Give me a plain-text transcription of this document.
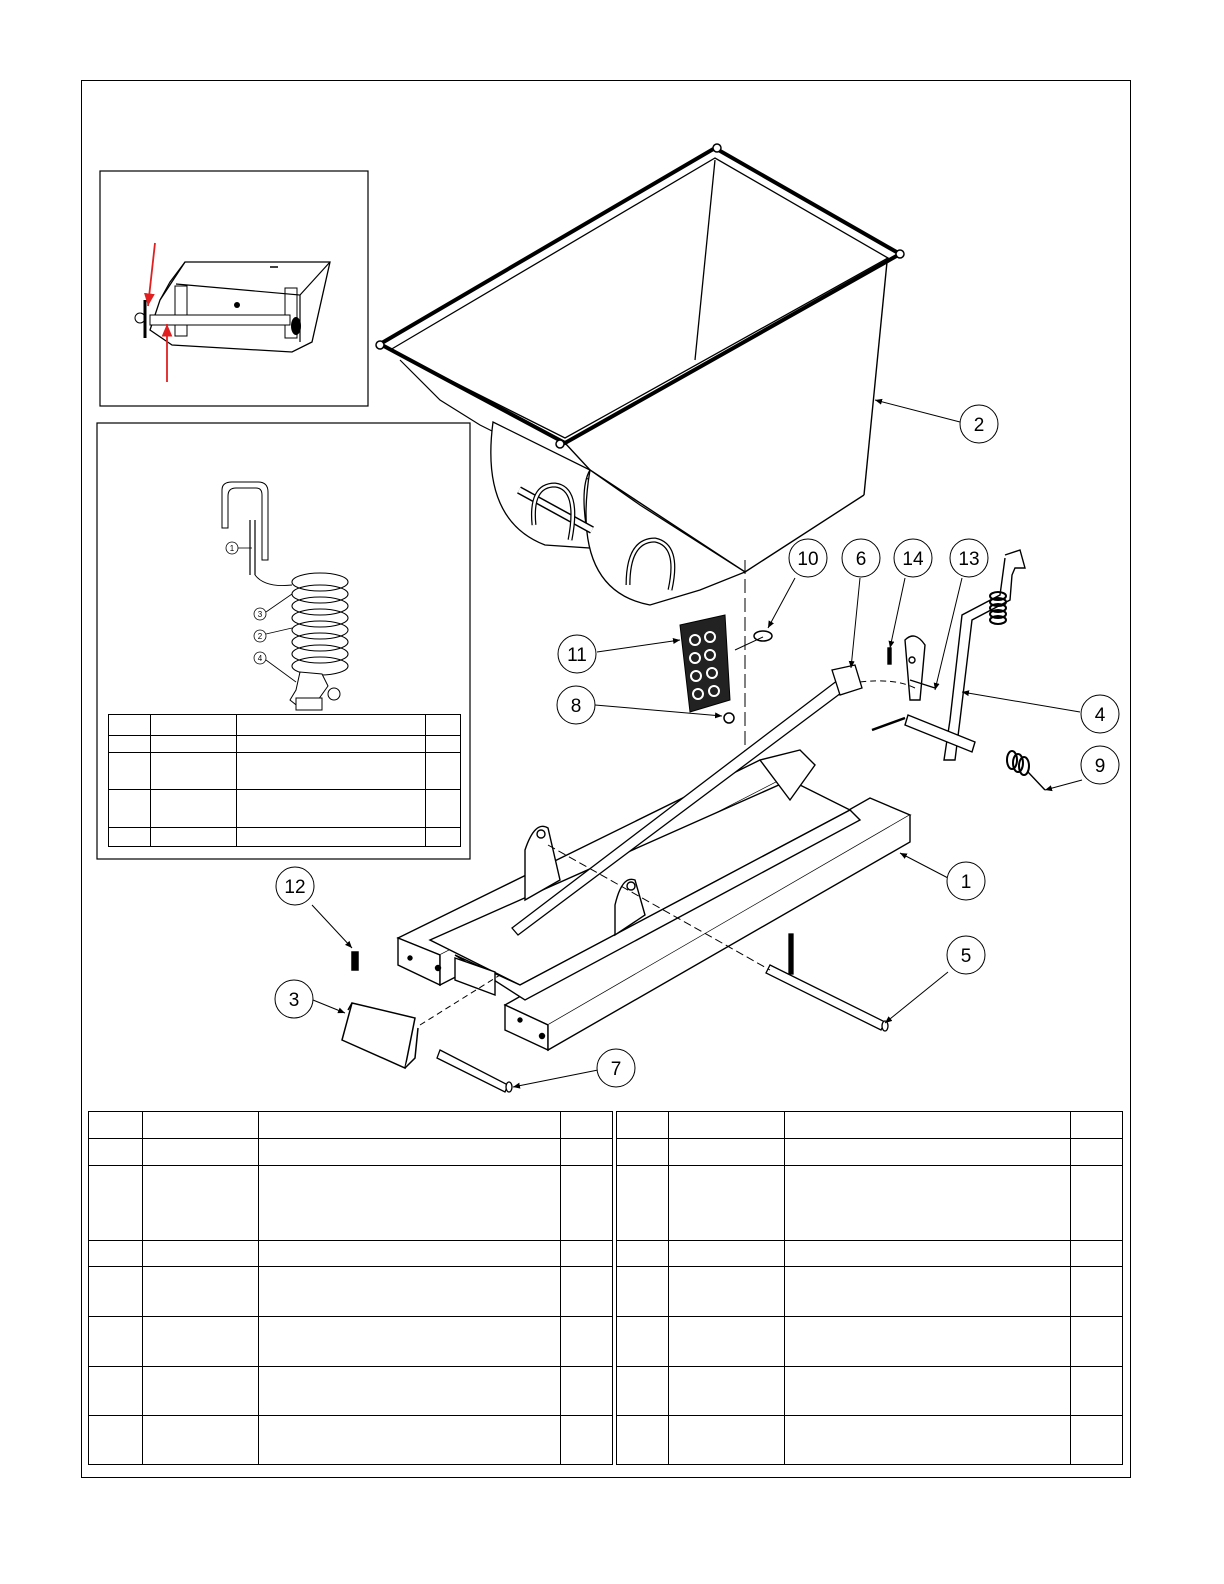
1
3
2
4
1
2
3
4
5
6
7
8
9
10
11
12
13
14
